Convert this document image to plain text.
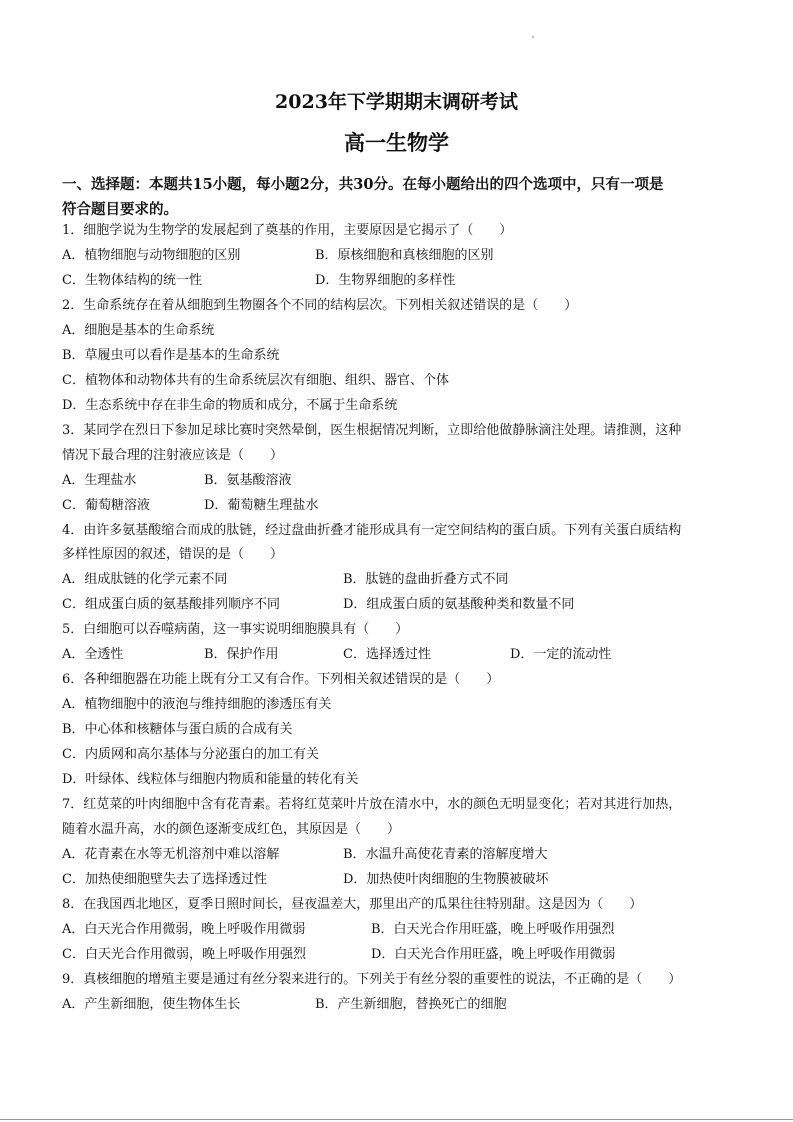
2023年下学期期末调研考试
高一生物学
一、选择题：本题共15小题，每小题2分，共30分。在每小题给出的四个选项中，只有一项是
符合题目要求的。
1．细胞学说为生物学的发展起到了奠基的作用，主要原因是它揭示了（　　）
A．植物细胞与动物细胞的区别	B．原核细胞和真核细胞的区别
C．生物体结构的统一性	D．生物界细胞的多样性
2．生命系统存在着从细胞到生物圈各个不同的结构层次。下列相关叙述错误的是（　　）
A．细胞是基本的生命系统
B．草履虫可以看作是基本的生命系统
C．植物体和动物体共有的生命系统层次有细胞、组织、器官、个体
D．生态系统中存在非生命的物质和成分，不属于生命系统
3．某同学在烈日下参加足球比赛时突然晕倒，医生根据情况判断，立即给他做静脉滴注处理。请推测，这种
情况下最合理的注射液应该是（　　）
A．生理盐水	B．氨基酸溶液
C．葡萄糖溶液	D．葡萄糖生理盐水
4．由许多氨基酸缩合而成的肽链，经过盘曲折叠才能形成具有一定空间结构的蛋白质。下列有关蛋白质结构
多样性原因的叙述，错误的是（　　）
A．组成肽链的化学元素不同	B．肽链的盘曲折叠方式不同
C．组成蛋白质的氨基酸排列顺序不同	D．组成蛋白质的氨基酸种类和数量不同
5．白细胞可以吞噬病菌，这一事实说明细胞膜具有（　　）
A．全透性	B．保护作用	C．选择透过性	D．一定的流动性
6．各种细胞器在功能上既有分工又有合作。下列相关叙述错误的是（　　）
A．植物细胞中的液泡与维持细胞的渗透压有关
B．中心体和核糖体与蛋白质的合成有关
C．内质网和高尔基体与分泌蛋白的加工有关
D．叶绿体、线粒体与细胞内物质和能量的转化有关
7．红苋菜的叶肉细胞中含有花青素。若将红苋菜叶片放在清水中，水的颜色无明显变化；若对其进行加热，
随着水温升高，水的颜色逐渐变成红色，其原因是（　　）
A．花青素在水等无机溶剂中难以溶解	B．水温升高使花青素的溶解度增大
C．加热使细胞壁失去了选择透过性	D．加热使叶肉细胞的生物膜被破坏
8．在我国西北地区，夏季日照时间长，昼夜温差大，那里出产的瓜果往往特别甜。这是因为（　　）
A．白天光合作用微弱，晚上呼吸作用微弱	B．白天光合作用旺盛，晚上呼吸作用强烈
C．白天光合作用微弱，晚上呼吸作用强烈	D．白天光合作用旺盛，晚上呼吸作用微弱
9．真核细胞的增殖主要是通过有丝分裂来进行的。下列关于有丝分裂的重要性的说法，不正确的是（　　）
A．产生新细胞，使生物体生长	B．产生新细胞，替换死亡的细胞
